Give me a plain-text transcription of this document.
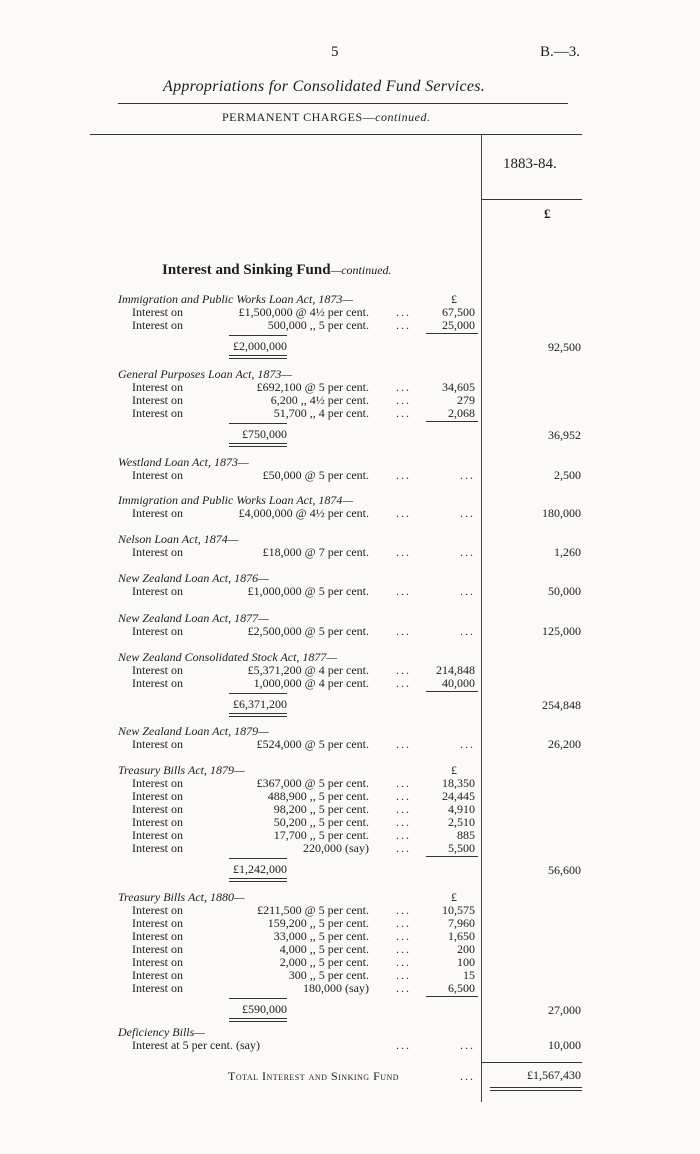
5	B.—3.
Appropriations for Consolidated Fund Services.
PERMANENT CHARGES—continued.
1883-84.
£
Interest and Sinking Fund—continued.
Immigration and Public Works Loan Act, 1873—	£
Interest on	£1,500,000 @ 4½ per cent. ...	67,500
Interest on	500,000 ,, 5 per cent. ...	25,000
£2,000,000	92,500
General Purposes Loan Act, 1873—
Interest on	£692,100 @ 5 per cent. ...	34,605
Interest on	6,200 ,, 4½ per cent. ...	279
Interest on	51,700 ,, 4 per cent. ...	2,068
£750,000	36,952
Westland Loan Act, 1873—
Interest on	£50,000 @ 5 per cent. ...	...	2,500
Immigration and Public Works Loan Act, 1874—
Interest on	£4,000,000 @ 4½ per cent. ...	...	180,000
Nelson Loan Act, 1874—
Interest on	£18,000 @ 7 per cent. ...	...	1,260
New Zealand Loan Act, 1876—
Interest on	£1,000,000 @ 5 per cent. ...	...	50,000
New Zealand Loan Act, 1877—
Interest on	£2,500,000 @ 5 per cent. ...	...	125,000
New Zealand Consolidated Stock Act, 1877—
Interest on	£5,371,200 @ 4 per cent. ...	214,848
Interest on	1,000,000 @ 4 per cent. ...	40,000
£6,371,200	254,848
New Zealand Loan Act, 1879—
Interest on	£524,000 @ 5 per cent. ...	...	26,200
Treasury Bills Act, 1879—	£
Interest on	£367,000 @ 5 per cent. ...	18,350
Interest on	488,900 ,, 5 per cent. ...	24,445
Interest on	98,200 ,, 5 per cent. ...	4,910
Interest on	50,200 ,, 5 per cent. ...	2,510
Interest on	17,700 ,, 5 per cent. ...	885
Interest on	220,000 (say) ...	5,500
£1,242,000	56,600
Treasury Bills Act, 1880—	£
Interest on	£211,500 @ 5 per cent. ...	10,575
Interest on	159,200 ,, 5 per cent. ...	7,960
Interest on	33,000 ,, 5 per cent. ...	1,650
Interest on	4,000 ,, 5 per cent. ...	200
Interest on	2,000 ,, 5 per cent. ...	100
Interest on	300 ,, 5 per cent. ...	15
Interest on	180,000 (say) ...	6,500
£590,000	27,000
Deficiency Bills—
Interest at 5 per cent. (say)	...	...	10,000
Total Interest and Sinking Fund	...	£1,567,430
